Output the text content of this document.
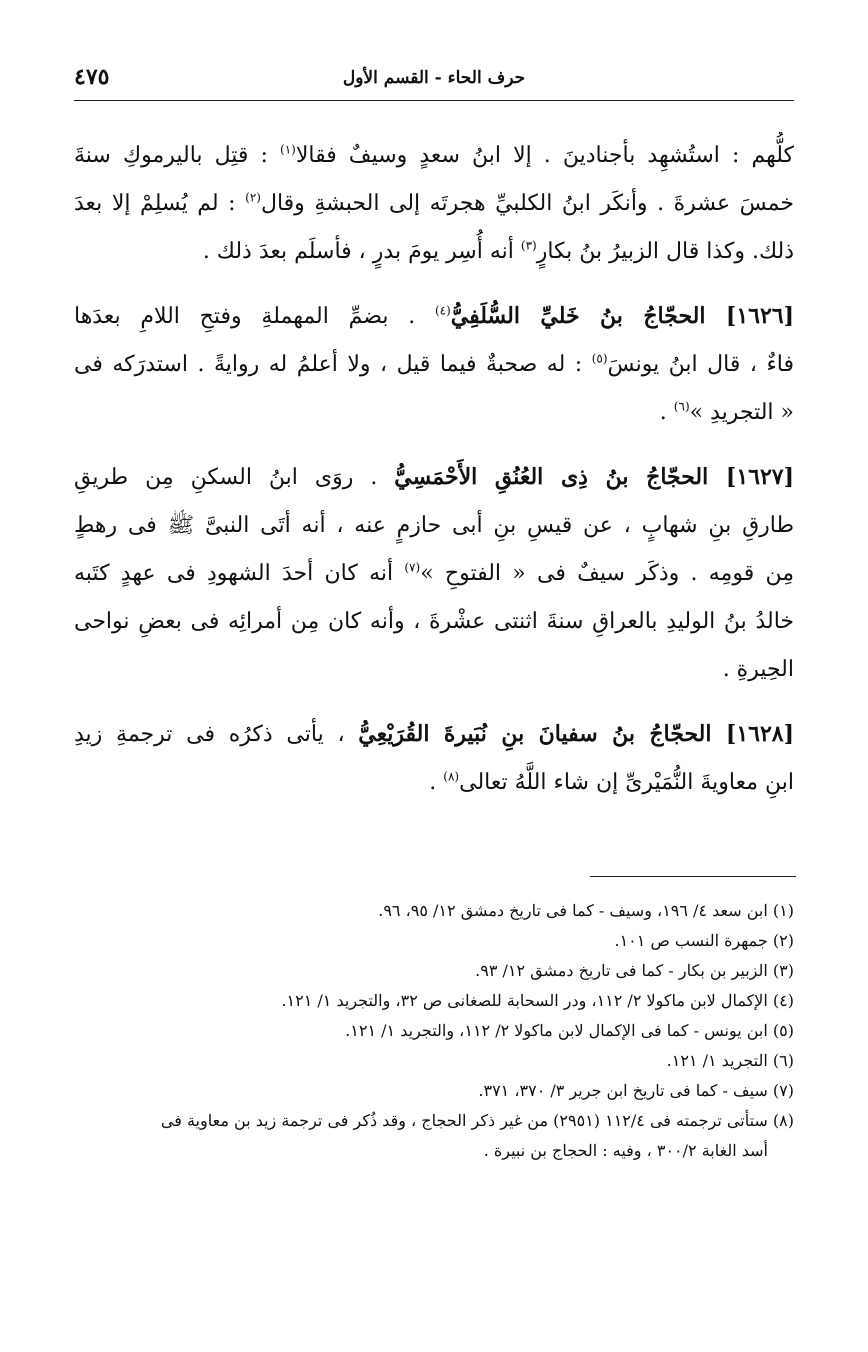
٤٧٥	حرف الحاء - القسم الأول
كلُّهم : استُشهِد بأجنادينَ . إلا ابنُ سعدٍ وسيفٌ فقالا$^{(١)}$ : قتِل باليرموكِ سنةَ
خمسَ عشرةَ . وأنكَر ابنُ الكلبيِّ هجرتَه إلى الحبشةِ وقال$^{(٢)}$ : لم يُسلِمْ إلا بعدَ
ذلك. وكذا قال الزبيرُ بنُ بكارٍ$^{(٣)}$ أنه أُسِر يومَ بدرٍ ، فأسلَم بعدَ ذلك .
[١٦٢٦] الحجّاجُ بنُ خَليِّ السُّلَفِيُّ$^{(٤)}$ . بضمِّ المهملةِ وفتحِ اللامِ بعدَها
فاءٌ ، قال ابنُ يونسَ$^{(٥)}$ : له صحبةٌ فيما قيل ، ولا أعلمُ له روايةً . استدرَكه فى
« التجريدِ »$^{(٦)}$ .
[١٦٢٧] الحجّاجُ بنُ ذِى العُنُقِ الأَحْمَسِيُّ . روَى ابنُ السكنِ مِن طريقِ
طارقِ بنِ شهابٍ ، عن قيسِ بنِ أبى حازمٍ عنه ، أنه أتَى النبىَّ ﷺ فى رهطٍ
مِن قومِه . وذكَر سيفٌ فى « الفتوحِ »$^{(٧)}$ أنه كان أحدَ الشهودِ فى عهدٍ كتَبه
خالدُ بنُ الوليدِ بالعراقِ سنةَ اثنتى عشْرةَ ، وأنه كان مِن أمرائِه فى بعضِ نواحى
الحِيرةِ .
[١٦٢٨] الحجّاجُ بنُ سفيانَ بنِ نُبَيرةَ القُرَيْعِيُّ ، يأتى ذكرُه فى ترجمةِ زيدِ
ابنِ معاويةَ النُّمَيْرىِّ إن شاء اللَّهُ تعالى$^{(٨)}$ .
(١) ابن سعد ٤/ ١٩٦، وسيف - كما فى تاريخ دمشق ١٢/ ٩٥، ٩٦.
(٢) جمهرة النسب ص ١٠١.
(٣) الزبير بن بكار - كما فى تاريخ دمشق ١٢/ ٩٣.
(٤) الإكمال لابن ماكولا ٢/ ١١٢، ودر السحابة للصغانى ص ٣٢، والتجريد ١/ ١٢١.
(٥) ابن يونس - كما فى الإكمال لابن ماكولا ٢/ ١١٢، والتجريد ١/ ١٢١.
(٦) التجريد ١/ ١٢١.
(٧) سيف - كما فى تاريخ ابن جرير ٣/ ٣٧٠، ٣٧١.
(٨) ستأتى ترجمته فى ١١٢/٤ (٢٩٥١) من غير ذكر الحجاج ، وقد ذُكر فى ترجمة زيد بن معاوية فى
أسد الغابة ٣٠٠/٢ ، وفيه : الحجاج بن نبيرة .
